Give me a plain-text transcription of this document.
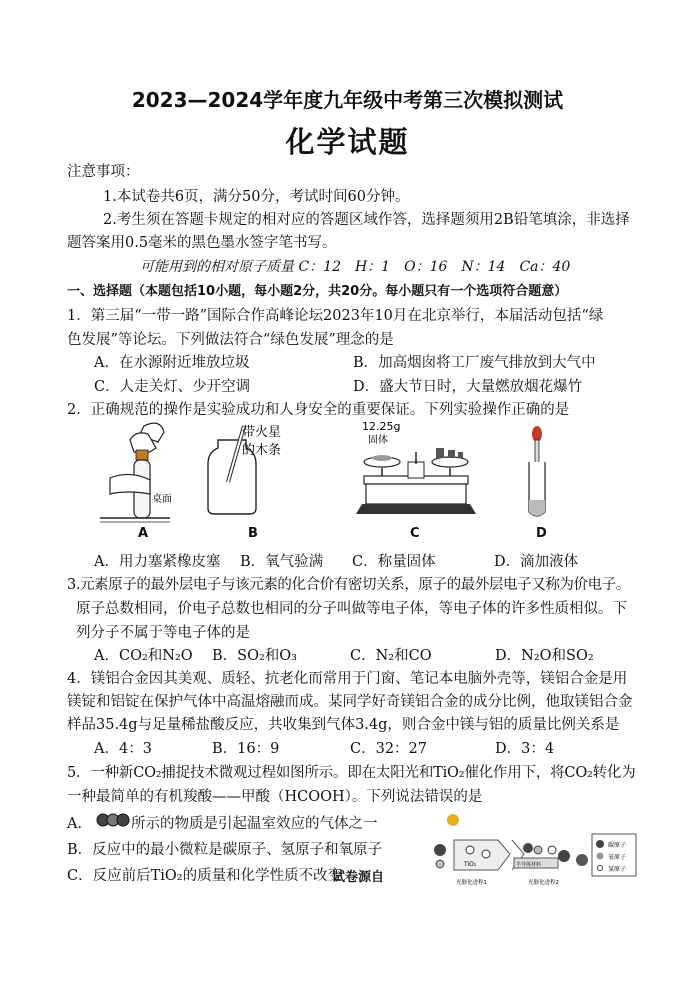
2023—2024学年度九年级中考第三次模拟测试
化学试题
注意事项：
1.本试卷共6页，满分50分，考试时间60分钟。
2.考生须在答题卡规定的相对应的答题区域作答，选择题须用2B铅笔填涂，非选择
题答案用0.5毫米的黑色墨水签字笔书写。
可能用到的相对原子质量 C：12　H：1　O：16　N：14　Ca：40
一、选择题（本题包括10小题，每小题2分，共20分。每小题只有一个选项符合题意）
1．第三届“一带一路”国际合作高峰论坛2023年10月在北京举行，本届活动包括“绿
色发展”等论坛。下列做法符合“绿色发展”理念的是
A．在水源附近堆放垃圾	B．加高烟囱将工厂废气排放到大气中
C．人走关灯、少开空调	D．盛大节日时，大量燃放烟花爆竹
2．正确规范的操作是实验成功和人身安全的重要保证。下列实验操作正确的是
桌面
A
带火星
的木条
B
12.25g
固体
C	D
A．用力塞紧橡皮塞 B．氧气验满 C．称量固体	D．滴加液体
3.元素原子的最外层电子与该元素的化合价有密切关系，原子的最外层电子又称为价电子。
原子总数相同，价电子总数也相同的分子叫做等电子体，等电子体的许多性质相似。下
列分子不属于等电子体的是
A．CO₂和N₂O B．SO₂和O₃	C．N₂和CO	D．N₂O和SO₂
4．镁铝合金因其美观、质轻、抗老化而常用于门窗、笔记本电脑外壳等，镁铝合金是用
镁锭和铝锭在保护气体中高温熔融而成。某同学好奇镁铝合金的成分比例，他取镁铝合金
样品35.4g与足量稀盐酸反应，共收集到气体3.4g，则合金中镁与铝的质量比例关系是
A．4：3	B．16：9	C．32：27	D．3：4
5．一种新CO₂捕捉技术微观过程如图所示。即在太阳光和TiO₂催化作用下，将CO₂转化为
一种最简单的有机羧酸——甲酸（HCOOH）。下列说法错误的是
A．	所示的物质是引起温室效应的气体之一
B．反应中的最小微粒是碳原子、氢原子和氧原子
C．反应前后TiO₂的质量和化学性质不改变
试卷源自
TiO₂	半导体材料
光催化进程1	光催化进程2
碳原子
氧原子
氢原子
